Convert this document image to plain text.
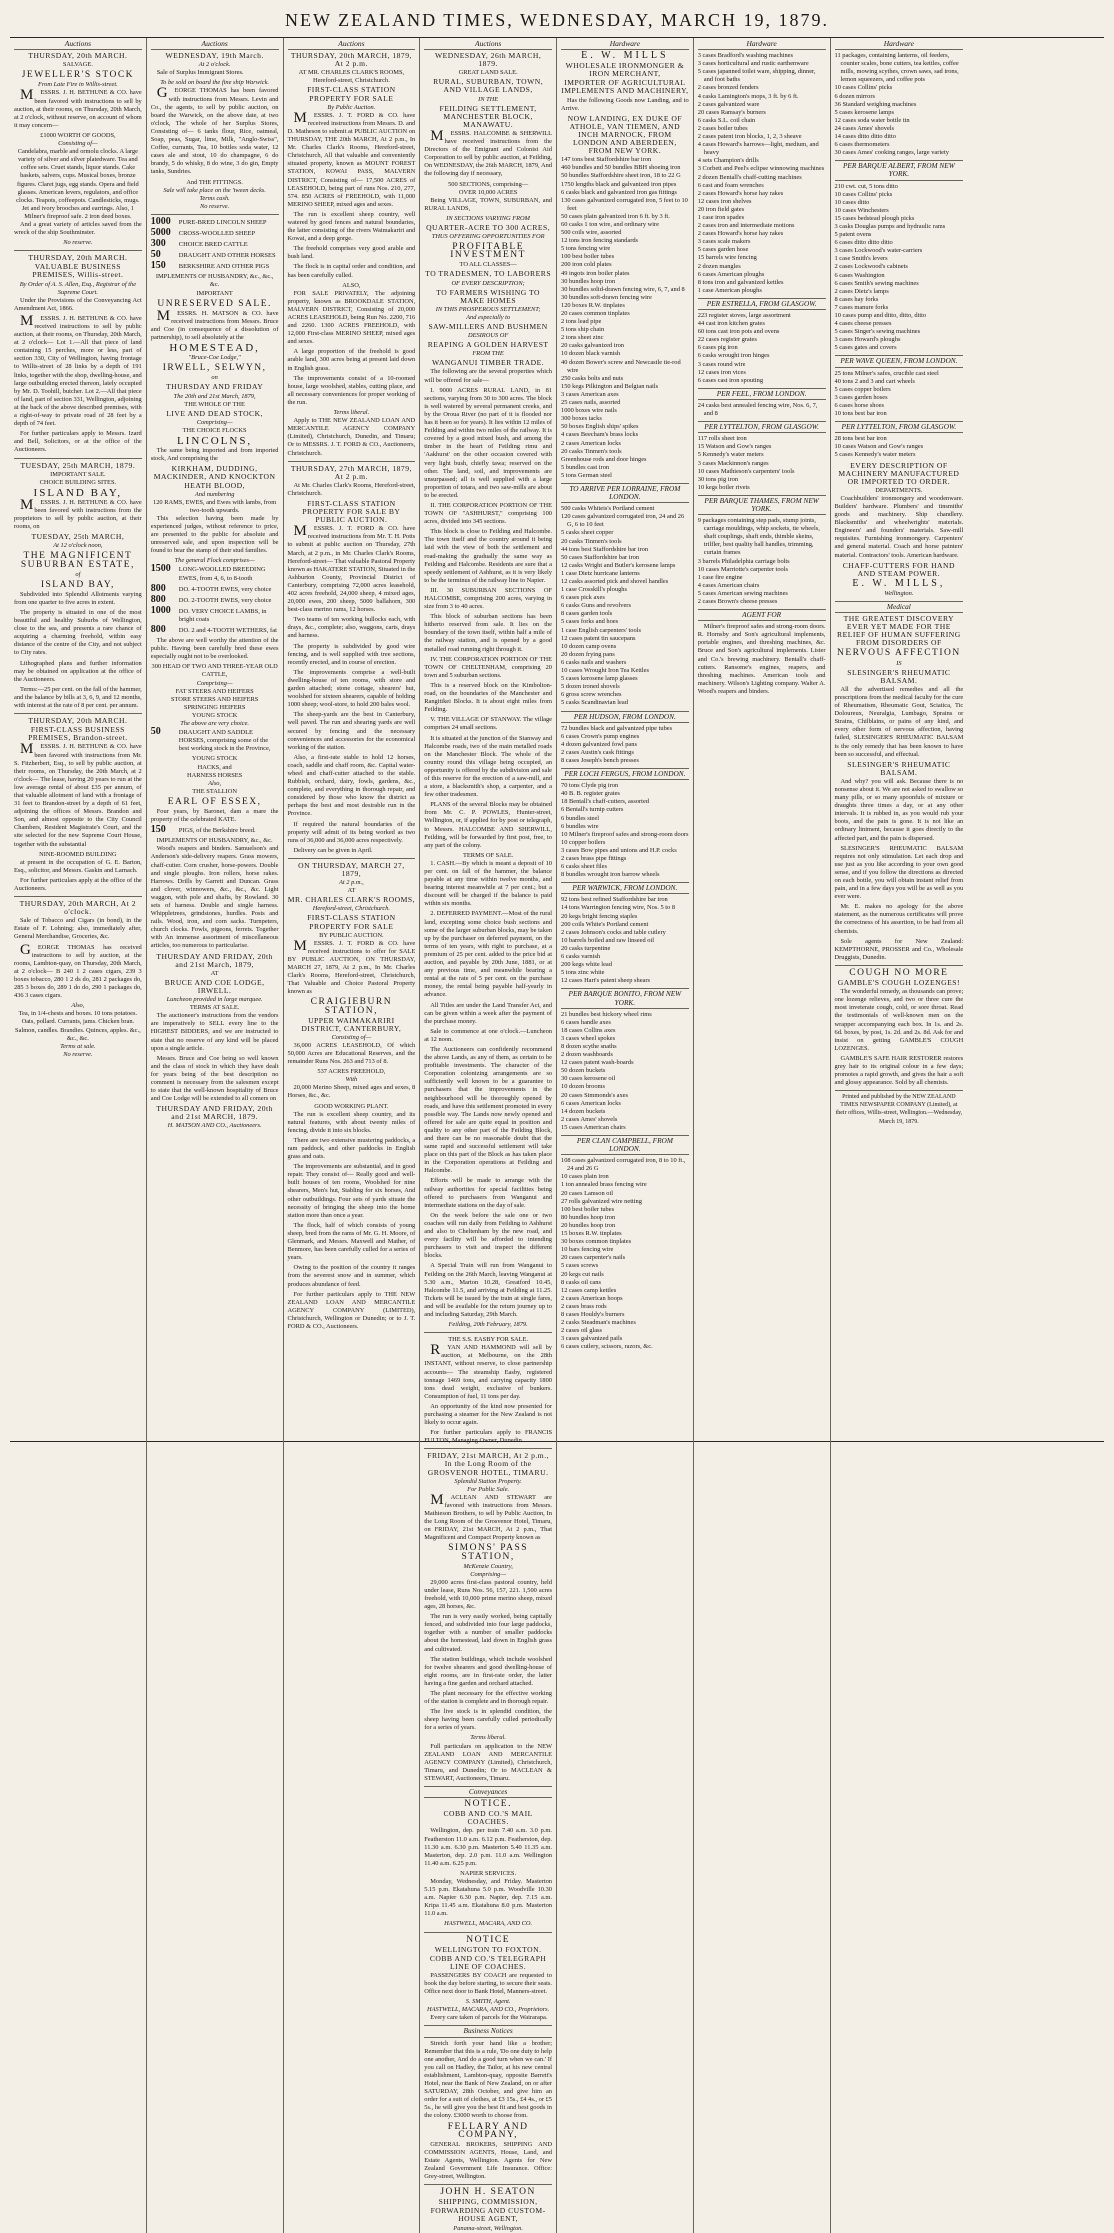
NEW ZEALAND TIMES, WEDNESDAY, MARCH 19, 1879.
Auctions
THURSDAY, 20th MARCH.
SALVAGE.
JEWELLER'S STOCK
From Late Fire in Willis-street.
MESSRS. J. H. BETHUNE & CO. have been favored with instructions to sell by auction, at their rooms, on Thursday, 20th March, at 2 o'clock, without reserve, on account of whom it may concern—
£1000 WORTH OF GOODS,
Consisting of—
Candelabra, marble and ormolu clocks. A large variety of silver and silver platedware. Tea and coffee sets. Cruet stands, liquor stands. Cake baskets, salvers, cups. Musical boxes, bronze figures. Claret jugs, egg stands. Opera and field glasses. American levers, regulators, and office clocks. Teapots, coffeepots. Candlesticks, mugs. Jet and ivory brooches and earrings. Also, 1 Milner's fireproof safe. 2 iron deed boxes.
And a great variety of articles saved from the wreck of the ship Southminster.
No reserve.
THURSDAY, 20th MARCH.
VALUABLE BUSINESS PREMISES, Willis-street.
By Order of A. S. Allen, Esq., Registrar of the Supreme Court.
Under the Provisions of the Conveyancing Act Amendment Act, 1866.
MESSRS. J. H. BETHUNE & CO. have received instructions to sell by public auction, at their rooms, on Thursday, 20th March, at 2 o'clock— Lot 1.—All that piece of land containing 15 perches, more or less, part of section 330, City of Wellington, having frontage to Willis-street of 28 links by a depth of 191 links, together with the shop, dwelling-house, and large outbuilding erected thereon, lately occupied by Mr. D. Toohill, butcher. Lot 2.—All that piece of land, part of section 331, Wellington, adjoining at the back of the above described premises, with a right-of-way to private road of 28 feet by a depth of 74 feet.
For further particulars apply to Messrs. Izard and Bell, Solicitors, or at the office of the Auctioneers.
TUESDAY, 25th MARCH, 1879.
IMPORTANT SALE.
CHOICE BUILDING SITES.
ISLAND BAY,
MESSRS. J. H. BETHUNE & CO. have been favored with instructions from the proprietors to sell by public auction, at their rooms, on
TUESDAY, 25th MARCH,
At 12 o'clock noon,
THE MAGNIFICENT SUBURBAN ESTATE,
of
ISLAND BAY,
Subdivided into Splendid Allotments varying from one quarter to five acres in extent.
The property is situated in one of the most beautiful and healthy Suburbs of Wellington, close to the sea, and presents a rare chance of acquiring a charming freehold, within easy distance of the centre of the City, and not subject to City rates.
Lithographed plans and further information may be obtained on application at the office of the Auctioneers.
Terms:—25 per cent. on the fall of the hammer, and the balance by bills at 3, 6, 9, and 12 months, with interest at the rate of 8 per cent. per annum.
THURSDAY, 20th MARCH.
FIRST-CLASS BUSINESS PREMISES, Brandon-street.
MESSRS. J. H. BETHUNE & CO. have been favored with instructions from Mr. S. Fitzherbert, Esq., to sell by public auction, at their rooms, on Thursday, the 20th March, at 2 o'clock— The lease, having 20 years to run at the low average rental of about £35 per annum, of that valuable allotment of land with a frontage of 31 feet to Brandon-street by a depth of 61 feet, adjoining the offices of Messrs. Brandon and Son, and almost opposite to the City Council Chambers, Resident Magistrate's Court, and the site selected for the new Supreme Court House, together with the substantial
NINE-ROOMED BUILDING
at present in the occupation of G. E. Barton, Esq., solicitor, and Messrs. Gaskin and Larnach.
For further particulars apply at the office of the Auctioneers.
THURSDAY, 20th MARCH, At 2 o'clock.
Sale of Tobacco and Cigars (in bond), in the Estate of F. Lohning; also, immediately after, General Merchandise, Groceries, &c.
GEORGE THOMAS has received instructions to sell by auction, at the rooms, Lambton-quay, on Thursday, 20th March, at 2 o'clock— B 240 1 2 cases cigars, 239 3 boxes tobacco, 280 1 2 ds do, 281 2 packages do, 285 3 boxes do, 289 1 do do, 290 1 packages do, 436 3 cases cigars.
Also,
Tea, in 1/4-chests and boxes. 10 tons potatoes. Oats, pollard. Currants, jams. Chicken bran. Salmon, candles. Brandies. Quinces, apples. &c., &c., &c.
Terms at sale.
No reserve.
Auctions
WEDNESDAY, 19th March.
At 2 o'clock.
Sale of Surplus Immigrant Stores.
To be sold on board the fine ship Warwick.
GEORGE THOMAS has been favored with instructions from Messrs. Levin and Co., the agents, to sell by public auction, on board the Warwick, on the above date, at two o'clock, The whole of her Surplus Stores, Consisting of— 6 tanks flour, Rice, oatmeal, Soap, peas, Sugar, lime, Milk, "Anglo-Swiss", Coffee, currants, Tea, 10 bottles soda water, 12 cases ale and stout, 10 do champagne, 6 do brandy, 5 do whisky, 8 do wine, 3 do gin, Empty tanks, Sundries.
And THE FITTINGS.
Sale will take place on the 'tween decks.
Terms cash.
No reserve.
1000	PURE-BRED LINCOLN SHEEP
5000	CROSS-WOOLLED SHEEP
300	CHOICE BRED CATTLE
50	DRAUGHT AND OTHER HORSES
150	BERKSHIRE AND OTHER PIGS
IMPLEMENTS OF HUSBANDRY, &c., &c., &c.
IMPORTANT
UNRESERVED SALE.
MESSRS. H. MATSON & CO. have received instructions from Messrs. Bruce and Coe (in consequence of a dissolution of partnership), to sell absolutely at the
HOMESTEAD,
"Bruce-Coe Lodge,"
IRWELL, SELWYN,
on
THURSDAY AND FRIDAY
The 20th and 21st March, 1879,
THE WHOLE OF THE
LIVE AND DEAD STOCK,
Comprising—
THE CHOICE FLOCKS
LINCOLNS,
The same being imported and from imported stock, And comprising the
KIRKHAM, DUDDING, MACKINDER, AND KNOCKTON HEATH BLOOD,
And numbering
120 RAMS, EWES, and Ewes with lambs, from two-tooth upwards.
This selection having been made by experienced judges, without reference to price, are presented to the public for absolute and unreserved sale, and upon inspection will be found to bear the stamp of their stud families.
The general Flock comprises—
1500	LONG-WOOLLED BREEDING EWES, from 4, 6, to 8-tooth
800	DO. 4-TOOTH EWES, very choice
800	DO. 2-TOOTH EWES, very choice
1000	DO. VERY CHOICE LAMBS, in bright coats
800	DO. 2 and 4-TOOTH WETHERS, fat
The above are well worthy the attention of the public. Having been carefully bred these ewes especially ought not to be overlooked.
300 HEAD OF TWO AND THREE-YEAR OLD CATTLE,
Comprising—
FAT STEERS AND HEIFERS
STORE STEERS AND HEIFERS
SPRINGING HEIFERS
YOUNG STOCK
The above are very choice.
50	DRAUGHT AND SADDLE HORSES, comprising some of the best working stock in the Province,
YOUNG STOCK
HACKS, and
HARNESS HORSES
Also,
THE STALLION
EARL OF ESSEX,
Four years, by Baronet, dam a mare the property of the celebrated KATE.
150	PIGS, of the Berkshire breed.
IMPLEMENTS OF HUSBANDRY, &c., &c.
Wood's reapers and binders. Samuelson's and Anderson's side-delivery reapers. Grass mowers, chaff-cutter. Corn crusher, horse-powers. Double and single ploughs. Iron rollers, horse rakes. Harrows. Drills by Garrett and Duncan. Grass and clover, winnowers, &c., &c., &c. Light waggon, with pole and shafts, by Rowland. 30 sets of harness. Double and single harness. Whippletrees, grindstones, hurdles. Posts and rails. Wood, iron, and corn sacks. Turnpeters, church clocks. Fowls, pigeons, ferrets. Together with An immense assortment of miscellaneous articles, too numerous to particularise.
THURSDAY AND FRIDAY, 20th and 21st March, 1879,
AT
BRUCE AND COE LODGE, IRWELL.
Luncheon provided in large marquee.
TERMS AT SALE.
The auctioneer's instructions from the vendors are imperatively to SELL every line to the HIGHEST BIDDERS, and we are instructed to state that no reserve of any kind will be placed upon a single article.
Messrs. Bruce and Coe being so well known and the class of stock in which they have dealt for years being of the best description no comment is necessary from the salesmen except to state that the well-known hospitality of Bruce and Coe Lodge will be extended to all comers on
THURSDAY AND FRIDAY, 20th and 21st MARCH, 1879.
H. MATSON AND CO., Auctioneers.
Auctions
THURSDAY, 20th MARCH, 1879, At 2 p.m.
AT MR. CHARLES CLARK'S ROOMS, Hereford-street, Christchurch.
FIRST-CLASS STATION PROPERTY FOR SALE
By Public Auction.
MESSRS. J. T. FORD & CO. have received instructions from Messrs. D. and D. Matheson to submit at PUBLIC AUCTION on THURSDAY, THE 20th MARCH, At 2 p.m., In Mr. Charles Clark's Rooms, Hereford-street, Christchurch, All that valuable and conveniently situated property, known as MOUNT FOREST STATION, KOWAI PASS, MALVERN DISTRICT, Consisting of— 17,500 ACRES of LEASEHOLD, being part of runs Nos. 210, 277, 574. 850 ACRES of FREEHOLD, with 11,000 MERINO SHEEP, mixed ages and sexes.
The run is excellent sheep country, well watered by good fences and natural boundaries, the latter consisting of the rivers Waimakariri and Kowai, and a deep gorge.
The freehold comprises very good arable and bush land.
The flock is in capital order and condition, and has been carefully culled.
ALSO,
FOR SALE PRIVATELY, The adjoining property, known as BROOKDALE STATION, MALVERN DISTRICT, Consisting of 20,000 ACRES LEASEHOLD, being Run No. 2200, 716 and 2260. 1300 ACRES FREEHOLD, with 12,000 First-class MERINO SHEEP, mixed ages and sexes.
A large proportion of the freehold is good arable land, 300 acres being at present laid down in English grass.
The improvements consist of a 10-roomed house, large woolshed, stables, cutting place, and all necessary conveniences for proper working of the run.
Terms liberal.
Apply to THE NEW ZEALAND LOAN AND MERCANTILE AGENCY COMPANY (Limited), Christchurch, Dunedin, and Timaru; Or to MESSRS. J. T. FORD & CO., Auctioneers, Christchurch.
THURSDAY, 27th MARCH, 1879, At 2 p.m.
At Mr. Charles Clark's Rooms, Hereford-street, Christchurch.
FIRST-CLASS STATION PROPERTY FOR SALE BY PUBLIC AUCTION.
MESSRS. J. T. FORD & CO. have received instructions from Mr. T. H. Potts to submit at public auction on Thursday, 27th March, at 2 p.m., in Mr. Charles Clark's Rooms, Hereford-street— That valuable Pastoral Property known as HAKATERE STATION, Situated in the Ashburton County, Provincial District of Canterbury, comprising 72,000 acres leasehold, 402 acres freehold, 24,000 sheep, 4 mixed ages, 20,000 ewes, 200 sheep, 5000 ballahorn, 300 best-class merino rams, 12 horses.
Two teams of ten working bullocks each, with drays, &c., complete; also, waggons, carts, drays and harness.
The property is subdivided by good wire fencing, and is well supplied with tree sections, recently erected, and in course of erection.
The improvements comprise a well-built dwelling-house of ten rooms, with store and garden attached; stone cottage, shearers' hut, woolshed for sixteen shearers, capable of holding 1000 sheep; wool-store, to hold 200 bales wool.
The sheep-yards are the best in Canterbury, well paved. The run and shearing yards are well secured by fencing and the necessary conveniences and accessories for the economical working of the station.
Also, a first-rate stable to hold 12 horses, coach, saddle and chaff room, &c. Capital water-wheel and chaff-cutter attached to the stable. Rubbish, orchard, dairy, fowls, gardens, &c., complete, and everything in thorough repair, and considered by those who know the district as perhaps the best and most desirable run in the Province.
If required the natural boundaries of the property will admit of its being worked as two runs of 36,000 and 36,000 acres respectively.
Delivery can be given in April.
ON THURSDAY, MARCH 27, 1879,
At 2 p.m.,
AT
MR. CHARLES CLARK'S ROOMS,
Hereford-street, Christchurch.
FIRST-CLASS STATION PROPERTY FOR SALE
BY PUBLIC AUCTION.
MESSRS. J. T. FORD & CO. have received instructions to offer for SALE BY PUBLIC AUCTION, ON THURSDAY, MARCH 27, 1879, At 2 p.m., In Mr. Charles Clark's Rooms, Hereford-street, Christchurch, That Valuable and Choice Pastoral Property known as
CRAIGIEBURN STATION,
UPPER WAIMAKARIRI DISTRICT, CANTERBURY,
Consisting of—
36,000 ACRES LEASEHOLD, Of which 50,000 Acres are Educational Reserves, and the remainder Runs Nos. 263 and 713 of 8.
537 ACRES FREEHOLD,
With
20,000 Merino Sheep, mixed ages and sexes, 8 Horses, &c., &c.
GOOD WORKING PLANT.
The run is excellent sheep country, and its natural features, with about twenty miles of fencing, divide it into six blocks.
There are two extensive mustering paddocks, a ram paddock, and other paddocks in English grass and oats.
The improvements are substantial, and in good repair. They consist of— Really good and well-built houses of ten rooms, Woolshed for nine shearers, Men's hut, Stabling for six horses, And other outbuildings. Four sets of yards situate the necessity of bringing the sheep into the home station more than once a year.
The flock, half of which consists of young sheep, bred from the rams of Mr. G. H. Moore, of Glenmark, and Messrs. Maxwell and Mather, of Benmore, has been carefully culled for a series of years.
Owing to the position of the country it ranges from the severest snow and in summer, which produces abundance of feed.
For further particulars apply to THE NEW ZEALAND LOAN AND MERCANTILE AGENCY COMPANY (LIMITED), Christchurch, Wellington or Dunedin; or to J. T. FORD & CO., Auctioneers.
Auctions
WEDNESDAY, 26th MARCH, 1879.
GREAT LAND SALE.
RURAL, SUBURBAN, TOWN, AND VILLAGE LANDS,
IN THE
FEILDING SETTLEMENT, MANCHESTER BLOCK, MANAWATU.
MESSRS. HALCOMBE & SHERWILL have received instructions from the Directors of the Emigrant and Colonist Aid Corporation to sell by public auction, at Feilding, On WEDNESDAY, the 26th MARCH, 1879, And the following day if necessary,
500 SECTIONS, comprising—
OVER 10,000 ACRES
Being VILLAGE, TOWN, SUBURBAN, and RURAL LANDS,
IN SECTIONS VARYING FROM
QUARTER-ACRE TO 300 ACRES,
THUS OFFERING OPPORTUNITIES FOR
PROFITABLE INVESTMENT
TO ALL CLASSES—
TO TRADESMEN, TO LABORERS
OF EVERY DESCRIPTION;
TO FARMERS WISHING TO MAKE HOMES
IN THIS PROSPEROUS SETTLEMENT;
And especially to
SAW-MILLERS AND BUSHMEN
DESIROUS OF
REAPING A GOLDEN HARVEST
FROM THE
WANGANUI TIMBER TRADE.
The following are the several properties which will be offered for sale—
I. 9000 ACRES RURAL LAND, in 81 sections, varying from 30 to 300 acres. The block is well watered by several permanent creeks, and by the Oroua River (no part of it is flooded nor has it been so for years). It lies within 12 miles of Feilding and within two miles of the railway. It is covered by a good mixed bush, and among the timber in the heart of Feilding rimu and 'Aakhurst' on the other occasion covered with very light bush, chiefly tawa; reserved on the other. The land, soil, and improvements are unsurpassed; all is well supplied with a large proportion of totara, and two saw-mills are about to be erected.
II. THE CORPORATION PORTION OF THE TOWN OF "ASHHURST," comprising 100 acres, divided into 345 sections.
This block is close to Feilding and Halcombe. The town itself and the country around it being laid with the view of both the settlement and road-making the gradually the same way as Feilding and Halcombe. Residents are sure that a speedy settlement of Ashhurst, as it is very likely to be the terminus of the railway line to Napier.
III. 30 SUBURBAN SECTIONS OF HALCOMBE, comprising 200 acres, varying in size from 3 to 40 acres.
This block of suburban sections has been hitherto reserved from sale. It lies on the boundary of the town itself, within half a mile of the railway station, and is opened by a good metalled road running right through it.
IV. THE CORPORATION PORTION OF THE TOWN OF CHELTENHAM, comprising 20 town and 5 suburban sections.
This is a reserved block on the Kimbolton-road, on the boundaries of the Manchester and Rangitikei Blocks. It is about eight miles from Feilding.
V. THE VILLAGE OF STANWAY. The village comprises 24 small sections.
It is situated at the junction of the Stanway and Halcombe roads, two of the main metalled roads on the Manchester Block. The whole of the country round this village being occupied, an opportunity is offered by the subdivision and sale of this reserve for the erection of a saw-mill, and a store, a blacksmith's shop, a carpenter, and a few other tradesmen.
PLANS of the several Blocks may be obtained from Mr. C. P. POWLES, Hunter-street, Wellington, or, if applied for by post or telegraph, to Messrs. HALCOMBE AND SHERWILL, Feilding, will be forwarded by first post, free, to any part of the colony.
TERMS OF SALE.
1. CASH.—By which is meant a deposit of 10 per cent. on fall of the hammer, the balance payable at any time within twelve months, and bearing interest meanwhile at 7 per cent.; but a discount will be charged if the balance is paid within six months.
2. DEFERRED PAYMENT.—Most of the rural land, excepting some choice bush sections and some of the larger suburban blocks, may be taken up by the purchaser on deferred payment, on the terms of ten years, with right to purchase, at a premium of 25 per cent. added to the price bid at auction, and payable by 20th June, 1881, or at any previous time, and meanwhile bearing a rental at the rate of 5 per cent. on the purchase money, the rental being payable half-yearly in advance.
All Titles are under the Land Transfer Act, and can be given within a week after the payment of the purchase money.
Sale to commence at one o'clock.—Luncheon at 12 noon.
The Auctioneers can confidently recommend the above Lands, as any of them, as certain to be profitable investments. The character of the Corporation colonizing arrangements are so sufficiently well known to be a guarantee to purchasers that the improvements in the neighbourhood will be thoroughly opened by roads, and have this settlement promoted in every possible way. The Lands now newly opened and offered for sale are quite equal in position and quality to any other part of the Feilding Block, and there can be no reasonable doubt that the same rapid and successful settlement will take place on this part of the Block as has taken place in the Corporation operations at Feilding and Halcombe.
Efforts will be made to arrange with the railway authorities for special facilities being offered to purchasers from Wanganui and intermediate stations on the day of sale.
On the week before the sale one or two coaches will run daily from Feilding to Ashhurst and also to Cheltenham by the new road, and every facility will be afforded to intending purchasers to visit and inspect the different blocks.
A Special Train will run from Wanganui to Feilding on the 26th March, leaving Wanganui at 5.30 a.m., Marton 10.28, Greatford 10.45, Halcombe 11.5, and arriving at Feilding at 11.25. Tickets will be issued by the train at single fares, and will be available for the return journey up to and including Saturday, 29th March.
Feilding, 20th February, 1879.
THE S.S. EASBY FOR SALE.
RYAN AND HAMMOND will sell by auction, at Melbourne, on the 28th INSTANT, without reserve, to close partnership accounts— The steamship Easby, registered tonnage 1469 tons, and carrying capacity 1800 tons dead weight, exclusive of bunkers. Consumption of fuel, 11 tons per day.
An opportunity of the kind now presented for purchasing a steamer for the New Zealand is not likely to occur again.
For further particulars apply to FRANCIS FULTON, Managing Owner, Dunedin.
FRIDAY, 21st MARCH, At 2 p.m., In the Long Room of the GROSVENOR HOTEL, TIMARU.
Splendid Station Property.
For Public Sale.
MACLEAN AND STEWART are favored with instructions from Messrs. Mathieson Brothers, to sell by Public Auction, In the Long Room of the Grosvenor Hotel, Timaru, on FRIDAY, 21st MARCH, At 2 p.m., That Magnificent and Compact Property known as
SIMONS' PASS STATION,
McKenzie Country,
Comprising—
29,000 acres first-class pastoral country, held under lease, Runs Nos. 56, 157, 221. 1,500 acres freehold, with 10,000 prime merino sheep, mixed ages, 28 horses, &c.
The run is very easily worked, being capitally fenced, and subdivided into four large paddocks, together with a number of smaller paddocks about the homestead, laid down in English grass and cultivated.
The station buildings, which include woolshed for twelve shearers and good dwelling-house of eight rooms, are in first-rate order, the latter having a fine garden and orchard attached.
The plant necessary for the effective working of the station is complete and in thorough repair.
The live stock is in splendid condition, the sheep having been carefully culled periodically for a series of years.
Terms liberal.
Full particulars on application to the NEW ZEALAND LOAN AND MERCANTILE AGENCY COMPANY (Limited), Christchurch, Timaru, and Dunedin; Or to MACLEAN & STEWART, Auctioneers, Timaru.
Conveyances
NOTICE.
COBB AND CO.'S MAIL COACHES.
Wellington, dep. per train 7.40 a.m. 3.0 p.m. Featherston 11.0 a.m. 6.12 p.m. Featherston, dep. 11.30 a.m. 6.30 p.m. Masterton 5.40 11.35 a.m. Masterton, dep. 2.0 p.m. 11.0 a.m. Wellington 11.40 a.m. 6.25 p.m.
NAPIER SERVICES.
Monday, Wednesday, and Friday. Masterton 5.15 p.m. Ekatahuna 5.0 p.m. Woodville 10.30 a.m. Napier 6.30 p.m. Napier, dep. 7.15 a.m. Kripa 11.45 a.m. Ekatahuna 8.0 p.m. Masterton 11.0 a.m.
HASTWELL, MACARA, AND CO.
NOTICE
WELLINGTON TO FOXTON.
COBB AND CO.'S TELEGRAPH LINE OF COACHES.
PASSENGERS BY COACH are requested to book the day before starting, to secure their seats. Office next door to Bank Hotel, Manners-street.
S. SMITH, Agent.
HASTWELL, MACARA, AND CO., Proprietors.
Every care taken of parcels for the Wairarapa.
Business Notices
Stretch forth your hand like a brother; Remember that this is a rule, 'Do one duty to help one another, And do a good turn when we can.' If you call on Hadley, the Tailor, at his new central establishment, Lambton-quay, opposite Barrett's Hotel, near the Bank of New Zealand, on or after SATURDAY, 28th October, and give him an order for a suit of clothes, at £3 15s., £4 4s., or £5 5s., he will give you the best fit and best goods in the colony. £3000 worth to choose from.
FELLARY AND COMPANY,
GENERAL BROKERS, SHIPPING AND COMMISSION AGENTS, House, Land, and Estate Agents, Wellington. Agents for New Zealand Government Life Insurance. Office: Grey-street, Wellington.
JOHN H. SEATON
SHIPPING, COMMISSION,
FORWARDING AND CUSTOM-HOUSE AGENT,
Panama-street, Wellington.
Hardware
E. W. MILLS
WHOLESALE IRONMONGER & IRON MERCHANT,
IMPORTER OF AGRICULTURAL IMPLEMENTS AND MACHINERY,
Has the following Goods now Landing, and to Arrive.
NOW LANDING, EX DUKE OF ATHOLE, VAN TIEMEN, AND INCH MARNOCK, FROM LONDON AND ABERDEEN, FROM NEW YORK.
147 tons best Staffordshire bar iron
460 bundles and 50 bundles BBH shoeing iron
50 bundles Staffordshire sheet iron, 18 to 22 G
1750 lengths black and galvanized iron pipes
6 casks black and galvanized iron gas fittings
130 cases galvanized corrugated iron, 5 feet to 10 feet
50 cases plain galvanized iron 6 ft. by 3 ft.
60 casks 1 ton wire, and ordinary wire
500 coils wire, assorted
12 tons iron fencing standards
5 tons fencing wire
100 best boiler tubes
200 iron cold plates
49 ingots iron boiler plates
30 bundles hoop iron
30 bundles solid-drawn fencing wire, 6, 7, and 8
30 bundles soft-drawn fencing wire
120 boxes R.W. tinplates
20 cases common tinplates
2 tons lead pipe
5 tons ship chain
2 tons sheet zinc
20 casks galvanized iron
10 dozen black varnish
40 dozen Bower's screw and Newcastle tie-rod wire
250 casks bolts and nuts
150 kegs Pilkington and Belgian nails
3 cases American axes
25 cases nails, assorted
1000 boxes wire nails
300 boxes tacks
50 boxes English ships' spikes
4 cases Beecham's brass locks
2 cases American locks
20 casks Tinmen's tools
Greenhouse rods and door hinges
5 bundles cast iron
5 tons German steel
TO ARRIVE PER LORRAINE, FROM LONDON.
500 casks Whiteis's Portland cement
120 cases galvanized corrugated iron, 24 and 26 G, 6 to 10 feet
5 casks sheet copper
20 casks Tinmen's tools
44 tons best Staffordshire bar iron
50 cases Staffordshire bar iron
12 casks Wright and Butler's kerosene lamps
1 case Dietz hurricane lanterns
12 casks assorted pick and shovel handles
1 case Crosskill's ploughs
6 cases pick axes
6 casks Guns and revolvers
8 cases garden tools
5 cases forks and hoes
1 case English carpenters' tools
12 cases patent tin saucepans
10 dozen camp ovens
20 dozen frying pans
6 casks nails and washers
10 cases Wrought Iron Tea Kettles
5 cases kerosene lamp glasses
5 dozen ironed shovels
6 gross screw wrenches
5 casks Scandinavian lead
PER HUDSON, FROM LONDON.
72 bundles black and galvanized pipe tubes
6 cases Crown's pump engines
4 dozen galvanized fowl pans
2 cases Austin's cask fittings
8 cases Joseph's bench presses
PER LOCH FERGUS, FROM LONDON.
70 tons Clyde pig iron
40 B. B. register grates
18 Bentall's chaff-cutters, assorted
6 Bentall's turnip cutters
6 bundles steel
6 bundles wire
10 Milner's fireproof safes and strong-room doors
10 copper boilers
3 cases Bow pipes and unions and H.P. cocks
2 cases brass pipe fittings
6 casks sheet files
8 bundles wrought iron barrow wheels
PER WARWICK, FROM LONDON.
92 tons best refined Staffordshire bar iron
14 tons Warrington fencing wire, Nos. 5 to 8
20 kegs bright fencing staples
200 coils White's Portland cement
2 cases Johnson's cocks and table cutlery
10 barrels boiled and raw linseed oil
20 casks turpentine
6 casks varnish
200 kegs white lead
5 tons zinc white
12 cases Hart's patent sheep shears
PER BARQUE BONITO, FROM NEW YORK.
21 bundles best hickory wheel rims
6 cases handle axes
18 cases Collins axes
3 cases wheel spokes
8 dozen scythe snaths
2 dozen washboards
12 cases patent wash-boards
50 dozen buckets
30 cases kerosene oil
10 dozen brooms
20 cases Simmonds's axes
6 cases American locks
14 dozen buckets
2 cases Ames' shovels
15 cases American chairs
PER CLAN CAMPBELL, FROM LONDON.
108 cases galvanized corrugated iron, 8 to 10 ft., 24 and 26 G
10 cases plain iron
1 ton annealed brass fencing wire
20 cases Lamson oil
27 rolls galvanized wire netting
100 best boiler tubes
80 bundles hoop iron
20 bundles hoop iron
15 boxes R.W. tinplates
30 boxes common tinplates
10 bars fencing wire
20 cases carpenter's nails
5 cases screws
20 kegs cut nails
8 casks oil cans
12 cases camp kettles
2 cases American hoops
2 cases brass rods
8 cases Houldy's burners
2 casks Steadman's machines
2 cases oil glass
3 cases galvanized pails
6 cases cutlery, scissors, razors, &c.
Hardware
3 cases Bradford's washing machines
3 cases horticultural and rustic earthenware
5 cases japanned toilet ware, shipping, dinner, and foot baths
2 cases bronzed fenders
4 casks Lamington's mops, 3 ft. by 6 ft.
2 cases galvanized ware
20 cases Ramsay's burners
6 casks S.L. coil chain
2 cases boiler tubes
2 cases patent iron blocks, 1, 2, 3 sheave
4 cases Howard's harrows—light, medium, and heavy
4 sets Champion's drills
3 Corbett and Peel's eclipse winnowing machines
2 dozen Bentall's chaff-cutting machines
6 cast and foam wrenches
2 cases Howard's horse hay rakes
12 cases iron shelves
20 iron field gates
1 case iron spades
2 cases iron and intermediate motions
2 cases Howard's horse hay rakes
3 cases scale makers
5 cases garden hose
15 barrels wire fencing
2 dozen mangles
6 cases American ploughs
8 tons iron and galvanized kettles
1 case American ploughs
PER ESTRELLA, FROM GLASGOW.
223 register stoves, large assortment
44 cast iron kitchen grates
60 tons cast iron pots and ovens
22 cases register grates
6 cases pig iron
6 casks wrought iron hinges
3 cases round wire
12 cases iron vices
6 cases cast iron spouting
PER FEEL, FROM LONDON.
24 casks best annealed fencing wire, Nos. 6, 7, and 8
PER LYTTELTON, FROM GLASGOW.
117 rolls sheet iron
15 Watson and Gow's ranges
5 Kennedy's water meters
3 cases Mackinnon's ranges
10 cases Mathieson's carpenters' tools
30 tons pig iron
10 kegs boiler rivets
PER BARQUE THAMES, FROM NEW YORK.
9 packages containing step pads, stump joints, carriage mouldings, whip sockets, tie wheels, shaft couplings, shaft ends, thimble skeins, trilfler, best quality ball handles, trimming, curtain frames
3 barrels Philadelphia carriage bolts
10 cases Marriotte's carpenter tools
1 case fire engine
4 cases American chairs
5 cases American sewing machines
2 cases Brown's cheese presses
AGENT FOR
Milner's fireproof safes and strong-room doors. R. Hornsby and Son's agricultural implements, portable engines, and threshing machines, &c. Bruce and Son's agricultural implements. Lister and Co.'s brewing machinery. Bentall's chaff-cutters. Ransome's engines, reapers, and threshing machines. American tools and machinery. Wilson's Lighting company. Walter A. Wood's reapers and binders.
Hardware
11 packages, containing lanterns, oil feeders, counter scales, bone cutters, tea kettles, coffee mills, mowing scythes, crown saws, sad irons, lemon squeezers, and coffee pots
10 cases Collins' picks
6 dozen mirrors
36 Standard weighing machines
5 cases kerosene lamps
12 cases soda water bottle tin
24 cases Ames' shovels
14 cases ditto ditto ditto
6 cases thermometers
30 cases Ames' cooking ranges, large variety
PER BARQUE ALBERT, FROM NEW YORK.
210 cwt. cut, 5 tons ditto
10 cases Collins' picks
10 cases ditto
10 cases Winchesters
15 cases bedstead plough picks
3 casks Douglas pumps and hydraulic rams
5 patent ovens
6 cases ditto ditto ditto
3 cases Lockwood's water-carriers
1 case Smith's levers
2 cases Lockwood's cabinets
6 cases Washington
6 cases Smith's sewing machines
2 cases Dietz's lamps
8 cases hay forks
7 cases manure forks
10 cases pump and ditto, ditto, ditto
4 cases cheese presses
5 cases Singer's sewing machines
3 cases Howard's ploughs
5 cases gates and covers
PER WAVE QUEEN, FROM LONDON.
25 tons Milner's safes, crucible cast steel
40 tons 2 and 3 and cart wheels
5 cases copper boilers
3 cases garden hoses
6 cases horse shoes
10 tons best bar iron
PER LYTTELTON, FROM GLASGOW.
28 tons best bar iron
10 cases Watson and Gow's ranges
5 cases Kennedy's water meters
EVERY DESCRIPTION OF MACHINERY MANUFACTURED OR IMPORTED TO ORDER.
DEPARTMENTS.
Coachbuilders' ironmongery and woodenware. Builders' hardware. Plumbers' and tinsmiths' goods and machinery. Ship chandlery. Blacksmiths' and wheelwrights' materials. Engineers' and founders' materials. Saw-mill requisites. Furnishing ironmongery. Carpenters' and general material. Coach and horse painters' material. Contractors' tools. American hardware.
CHAFF-CUTTERS FOR HAND AND STEAM POWER.
E. W. MILLS,
Wellington.
Medical
THE GREATEST DISCOVERY EVER YET MADE FOR THE RELIEF OF HUMAN SUFFERING FROM DISORDERS OF
NERVOUS AFFECTION
IS
SLESINGER'S RHEUMATIC BALSAM.
All the advertised remedies and all the prescriptions from the medical faculty for the cure of Rheumatism, Rheumatic Gout, Sciatica, Tic Doloureux, Neuralgia, Lumbago, Sprains or Strains, Chilblains, or pains of any kind, and every other form of nervous affection, having failed, SLESINGER'S RHEUMATIC BALSAM is the only remedy that has been known to have been so successful, and effectual.
SLESINGER'S RHEUMATIC BALSAM.
And why? you will ask. Because there is no nonsense about it. We are not asked to swallow so many pills, or so many spoonfuls of mixture or draughts three times a day, or at any other intervals. It is rubbed in, as you would rub your boots, and the pain is gone. It is not like an ordinary liniment, because it goes directly to the affected part, and the pain is dispersed.
SLESINGER'S RHEUMATIC BALSAM requires not only stimulation. Let each drop and use just as you like according to your own good sense, and if you follow the directions as directed on each bottle, you will obtain instant relief from pain, and in a few days you will be as well as you ever were.
Mr. E. makes no apology for the above statement, as the numerous certificates will prove the correctness of his assertion, to be had from all chemists.
Sole agents for New Zealand: KEMPTHORNE, PROSSER and Co., Wholesale Druggists, Dunedin.
COUGH NO MORE
GAMBLE'S COUGH LOZENGES!
The wonderful remedy, as thousands can prove; one lozenge relieves, and two or three cure the most inveterate cough, cold, or sore throat. Read the testimonials of well-known men on the wrapper accompanying each box. In 1s. and 2s. 6d. boxes, by post, 1s. 2d. and 2s. 8d. Ask for and insist on getting GAMBLE'S COUGH LOZENGES.
GAMBLE'S SAFE HAIR RESTORER restores grey hair to its original colour in a few days; promotes a rapid growth, and gives the hair a soft and glossy appearance. Sold by all chemists.
Printed and published by the NEW ZEALAND TIMES NEWSPAPER COMPANY (Limited), at their offices, Willis-street, Wellington.—Wednesday, March 19, 1879.
